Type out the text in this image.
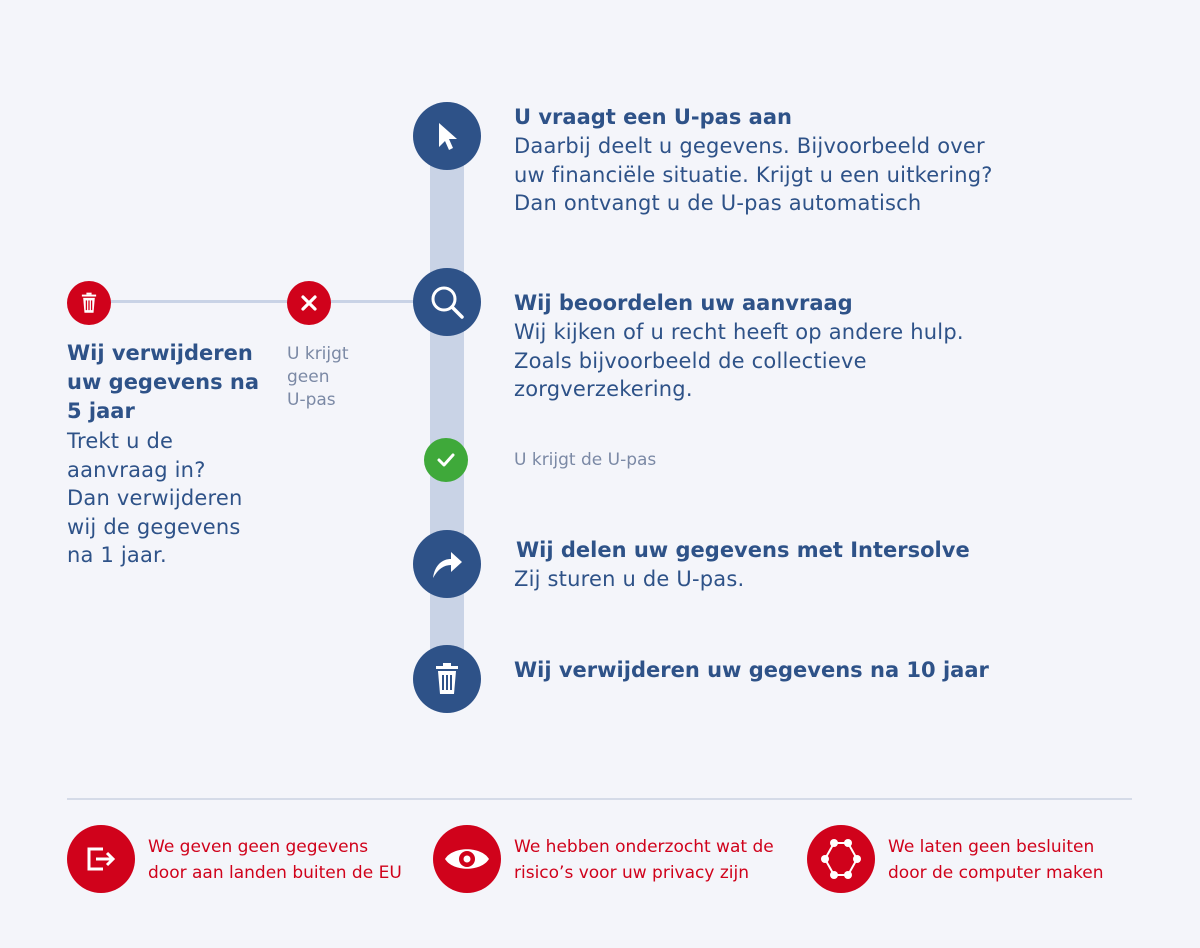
U vraagt een U-pas aan
Daarbij deelt u gegevens. Bijvoorbeeld over
uw financiële situatie. Krijgt u een uitkering?
Dan ontvangt u de U-pas automatisch
Wij beoordelen uw aanvraag
Wij kijken of u recht heeft op andere hulp.
Zoals bijvoorbeeld de collectieve
zorgverzekering.
U krijgt de U-pas
Wij delen uw gegevens met Intersolve
Zij sturen u de U-pas.
Wij verwijderen uw gegevens na 10 jaar
U krijgt
geen
U-pas
Wij verwijderen
uw gegevens na
5 jaar
Trekt u de
aanvraag in?
Dan verwijderen
wij de gegevens
na 1 jaar.
We geven geen gegevens
door aan landen buiten de EU
We hebben onderzocht wat de
risico’s voor uw privacy zijn
We laten geen besluiten
door de computer maken
